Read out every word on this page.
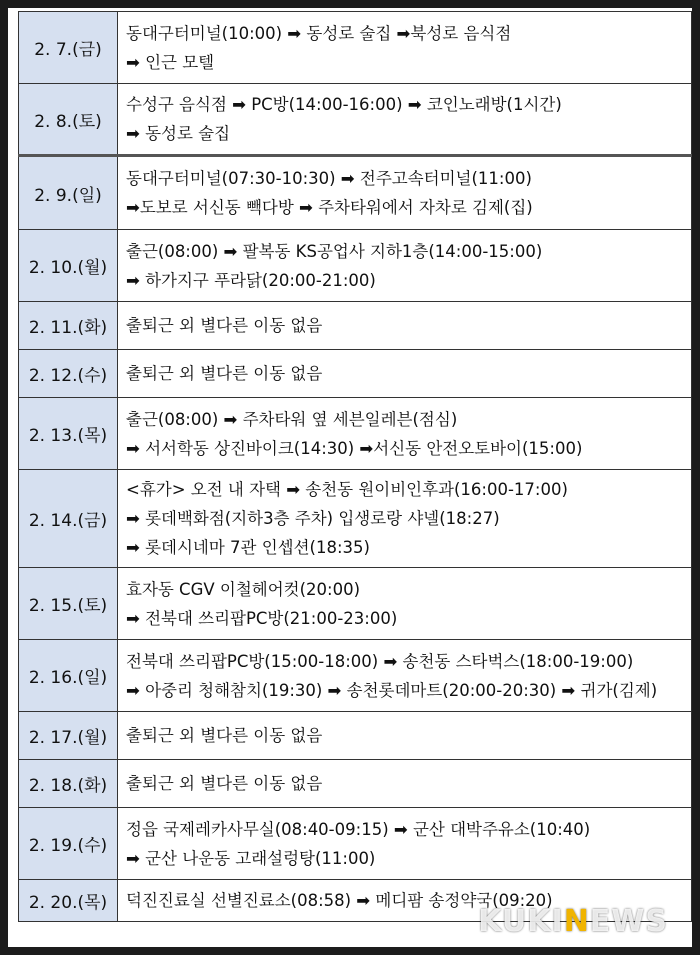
2. 7.(금)	동대구터미널(10:00) ➡ 동성로 술집 ➡북성로 음식점
➡ 인근 모텔

2. 8.(토)	수성구 음식점 ➡ PC방(14:00-16:00) ➡ 코인노래방(1시간)
➡ 동성로 술집

2. 9.(일)	동대구터미널(07:30-10:30) ➡ 전주고속터미널(11:00)
➡도보로 서신동 빽다방 ➡ 주차타워에서 자차로 김제(집)

2. 10.(월)	출근(08:00) ➡ 팔복동 KS공업사 지하1층(14:00-15:00)
➡ 하가지구 푸라닭(20:00-21:00)

2. 11.(화)	출퇴근 외 별다른 이동 없음

2. 12.(수)	출퇴근 외 별다른 이동 없음

2. 13.(목)	출근(08:00) ➡ 주차타워 옆 세븐일레븐(점심)
➡ 서서학동 상진바이크(14:30) ➡서신동 안전오토바이(15:00)

2. 14.(금)	<휴가> 오전 내 자택 ➡ 송천동 원이비인후과(16:00-17:00)
➡ 롯데백화점(지하3층 주차) 입생로랑 샤넬(18:27)
➡ 롯데시네마 7관 인셉션(18:35)

2. 15.(토)	효자동 CGV 이철헤어컷(20:00)
➡ 전북대 쓰리팝PC방(21:00-23:00)

2. 16.(일)	전북대 쓰리팝PC방(15:00-18:00) ➡ 송천동 스타벅스(18:00-19:00)
➡ 아중리 청해참치(19:30) ➡ 송천롯데마트(20:00-20:30) ➡ 귀가(김제)

2. 17.(월)	출퇴근 외 별다른 이동 없음

2. 18.(화)	출퇴근 외 별다른 이동 없음

2. 19.(수)	정읍 국제레카사무실(08:40-09:15) ➡ 군산 대박주유소(10:40)
➡ 군산 나운동 고래설렁탕(11:00)

2. 20.(목)	덕진진료실 선별진료소(08:58) ➡ 메디팜 송정약국(09:20)
KUKINEWS
